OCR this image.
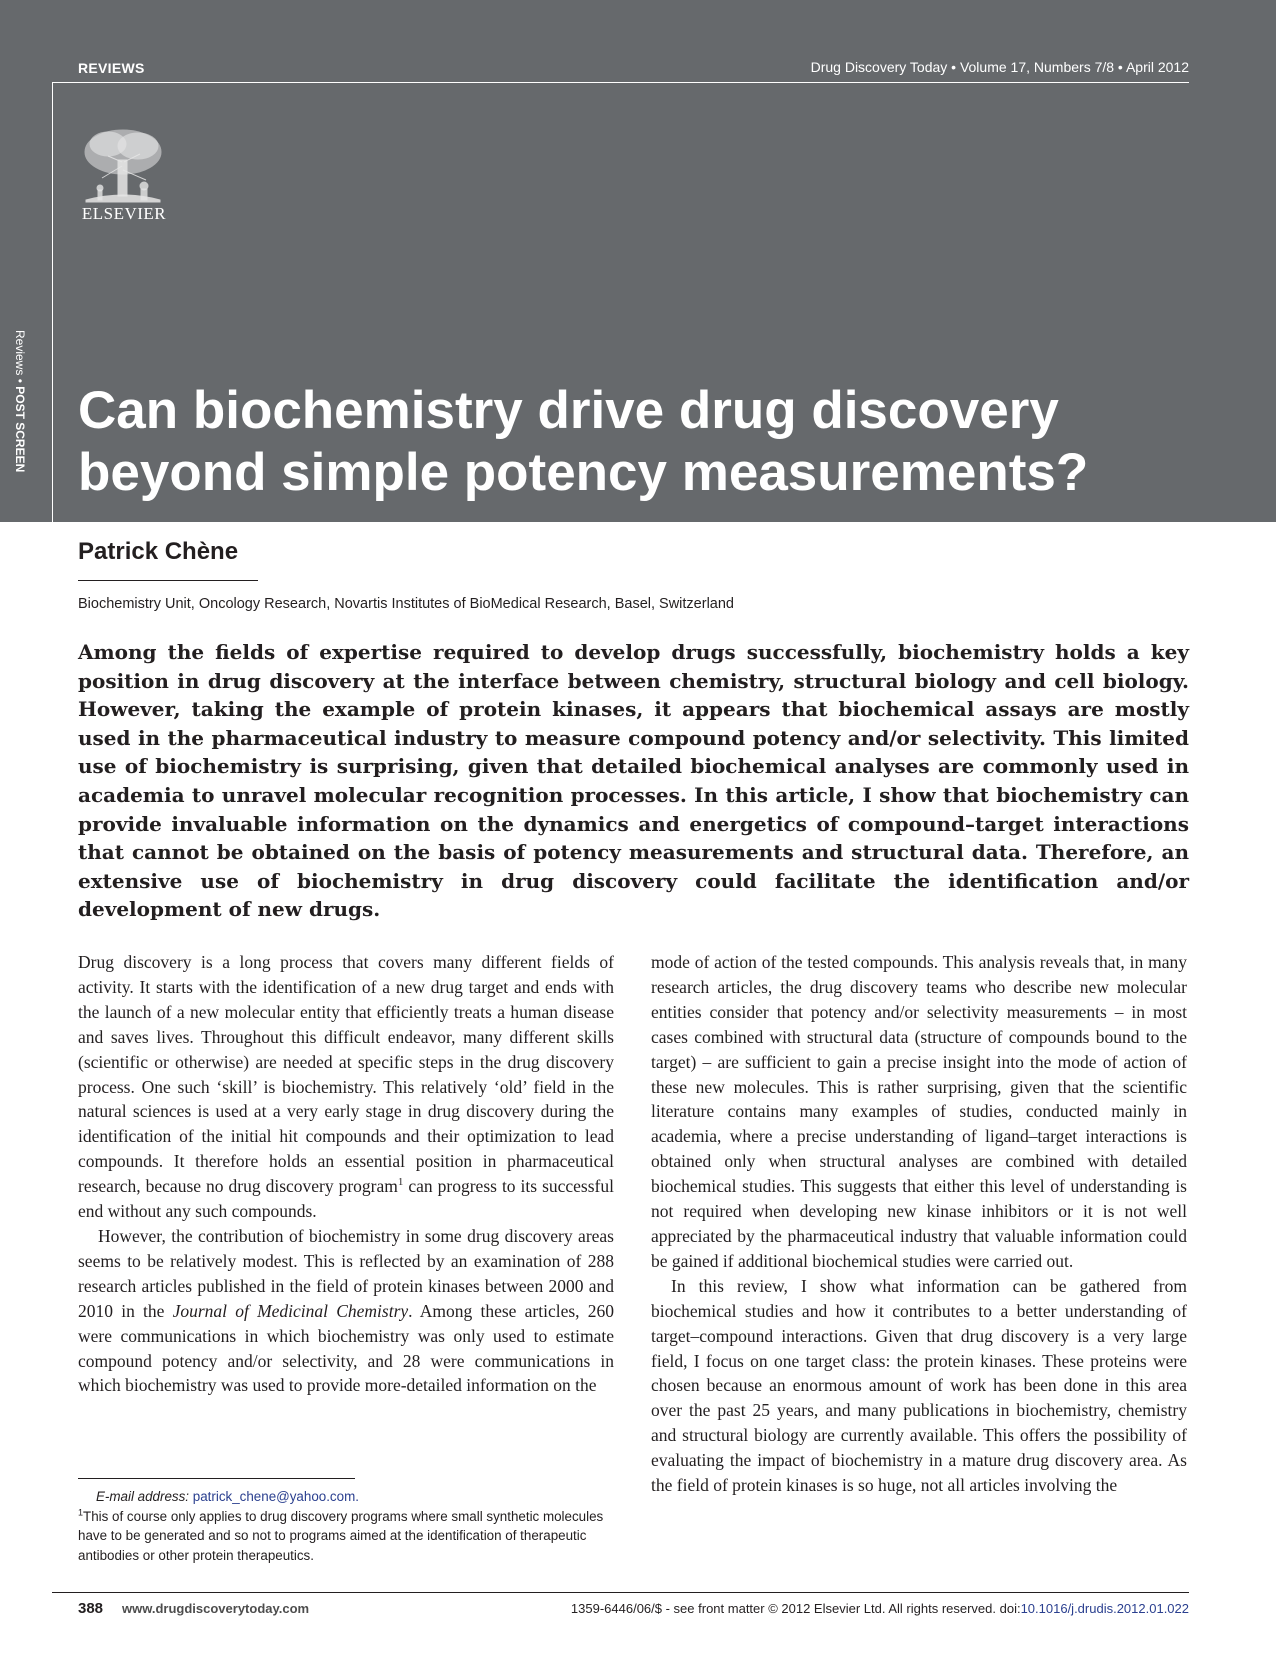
REVIEWS	Drug Discovery Today • Volume 17, Numbers 7/8 • April 2012
ELSEVIER
Reviews • POST SCREEN Can biochemistry drive drug discovery beyond simple potency measurements?
Patrick Chène
Biochemistry Unit, Oncology Research, Novartis Institutes of BioMedical Research, Basel, Switzerland

Among the fields of expertise required to develop drugs successfully, biochemistry holds a key position in drug discovery at the interface between chemistry, structural biology and cell biology. However, taking the example of protein kinases, it appears that biochemical assays are mostly used in the pharmaceutical industry to measure compound potency and/or selectivity. This limited use of biochemistry is surprising, given that detailed biochemical analyses are commonly used in academia to unravel molecular recognition processes. In this article, I show that biochemistry can provide invaluable information on the dynamics and energetics of compound–target interactions that cannot be obtained on the basis of potency measurements and structural data. Therefore, an extensive use of biochemistry in drug discovery could facilitate the identification and/or development of new drugs.

Drug discovery is a long process that covers many different fields of activity. It starts with the identification of a new drug target and ends with the launch of a new molecular entity that efficiently treats a human disease and saves lives. Throughout this difficult endeavor, many different skills (scientific or otherwise) are needed at specific steps in the drug discovery process. One such ‘skill’ is biochemistry. This relatively ‘old’ field in the natural sciences is used at a very early stage in drug discovery during the identification of the initial hit compounds and their optimization to lead compounds. It therefore holds an essential position in pharmaceutical research, because no drug discovery program$^1$ can progress to its successful end without any such compounds.

However, the contribution of biochemistry in some drug discovery areas seems to be relatively modest. This is reflected by an examination of 288 research articles published in the field of protein kinases between 2000 and 2010 in the Journal of Medicinal Chemistry. Among these articles, 260 were communications in which biochemistry was only used to estimate compound potency and/or selectivity, and 28 were communications in which biochemistry was used to provide more-detailed information on the

mode of action of the tested compounds. This analysis reveals that, in many research articles, the drug discovery teams who describe new molecular entities consider that potency and/or selectivity measurements – in most cases combined with structural data (structure of compounds bound to the target) – are sufficient to gain a precise insight into the mode of action of these new molecules. This is rather surprising, given that the scientific literature contains many examples of studies, conducted mainly in academia, where a precise understanding of ligand–target interactions is obtained only when structural analyses are combined with detailed biochemical studies. This suggests that either this level of understanding is not required when developing new kinase inhibitors or it is not well appreciated by the pharmaceutical industry that valuable information could be gained if additional biochemical studies were carried out.

In this review, I show what information can be gathered from biochemical studies and how it contributes to a better understanding of target–compound interactions. Given that drug discovery is a very large field, I focus on one target class: the protein kinases. These proteins were chosen because an enormous amount of work has been done in this area over the past 25 years, and many publications in biochemistry, chemistry and structural biology are currently available. This offers the possibility of evaluating the impact of biochemistry in a mature drug discovery area. As the field of protein kinases is so huge, not all articles involving the

E-mail address: patrick_chene@yahoo.com.
$^1$This of course only applies to drug discovery programs where small synthetic molecules have to be generated and so not to programs aimed at the identification of therapeutic antibodies or other protein therapeutics.
388 www.drugdiscoverytoday.com	1359-6446/06/$ - see front matter © 2012 Elsevier Ltd. All rights reserved. doi:10.1016/j.drudis.2012.01.022
